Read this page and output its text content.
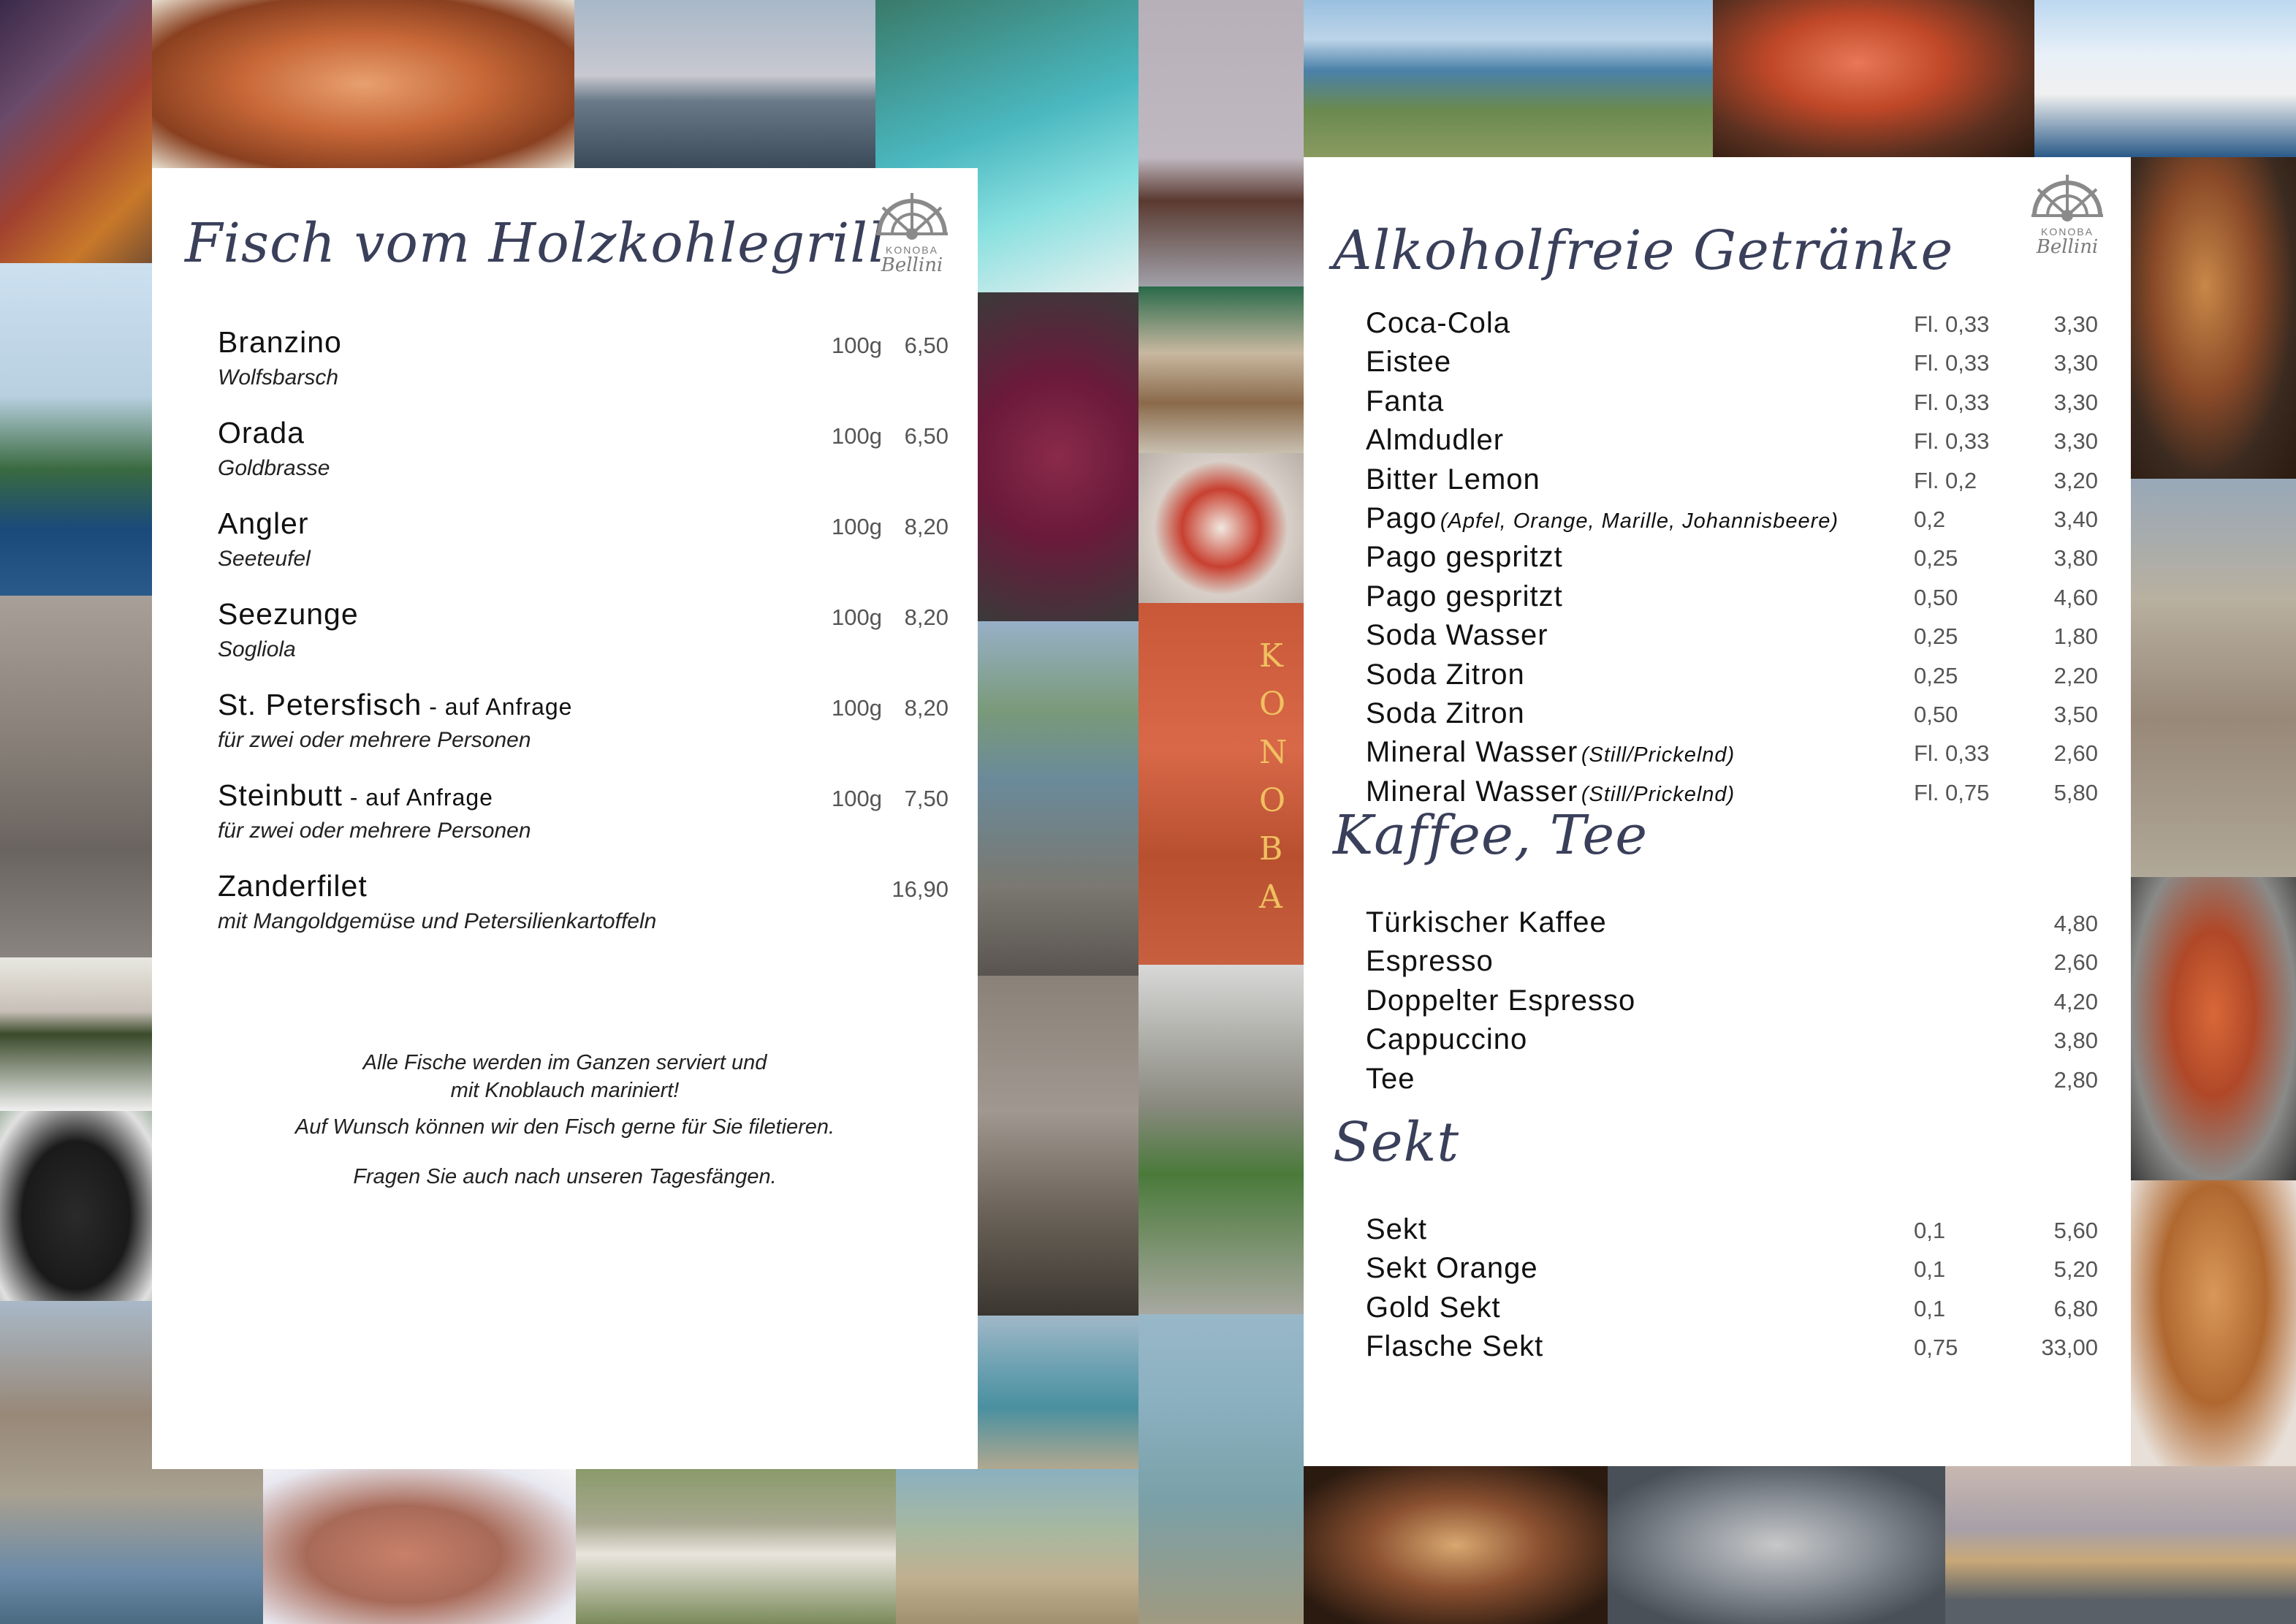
KONOBA
Fisch vom Holzkohlegrill KONOBA
Bellini
Branzino
Wolfsbarsch
100g 6,50
Orada
Goldbrasse
100g 6,50
Angler
Seeteufel
100g 8,20
Seezunge
Sogliola
100g 8,20
St. Petersfisch - auf Anfrage
für zwei oder mehrere Personen
100g 8,20
Steinbutt - auf Anfrage
für zwei oder mehrere Personen
100g 7,50
Zanderfilet
mit Mangoldgemüse und Petersilienkartoffeln
16,90
Alle Fische werden im Ganzen serviert und
mit Knoblauch mariniert!
Auf Wunsch können wir den Fisch gerne für Sie filetieren.
Fragen Sie auch nach unseren Tagesfängen.
KONOBA
Bellini
Alkoholfreie Getränke
Coca-Cola	Fl. 0,33	3,30
Eistee	Fl. 0,33	3,30
Fanta	Fl. 0,33	3,30
Almdudler	Fl. 0,33	3,30
Bitter Lemon	Fl. 0,2	3,20
Pago (Apfel, Orange, Marille, Johannisbeere)	0,2	3,40
Pago gespritzt	0,25	3,80
Pago gespritzt	0,50	4,60
Soda Wasser	0,25	1,80
Soda Zitron	0,25	2,20
Soda Zitron	0,50	3,50
Mineral Wasser (Still/Prickelnd)	Fl. 0,33	2,60
Mineral Wasser (Still/Prickelnd)	Fl. 0,75	5,80
Kaffee, Tee
Türkischer Kaffee	4,80
Espresso	2,60
Doppelter Espresso	4,20
Cappuccino	3,80
Tee	2,80
Sekt
Sekt	0,1	5,60
Sekt Orange	0,1	5,20
Gold Sekt	0,1	6,80
Flasche Sekt	0,75	33,00
